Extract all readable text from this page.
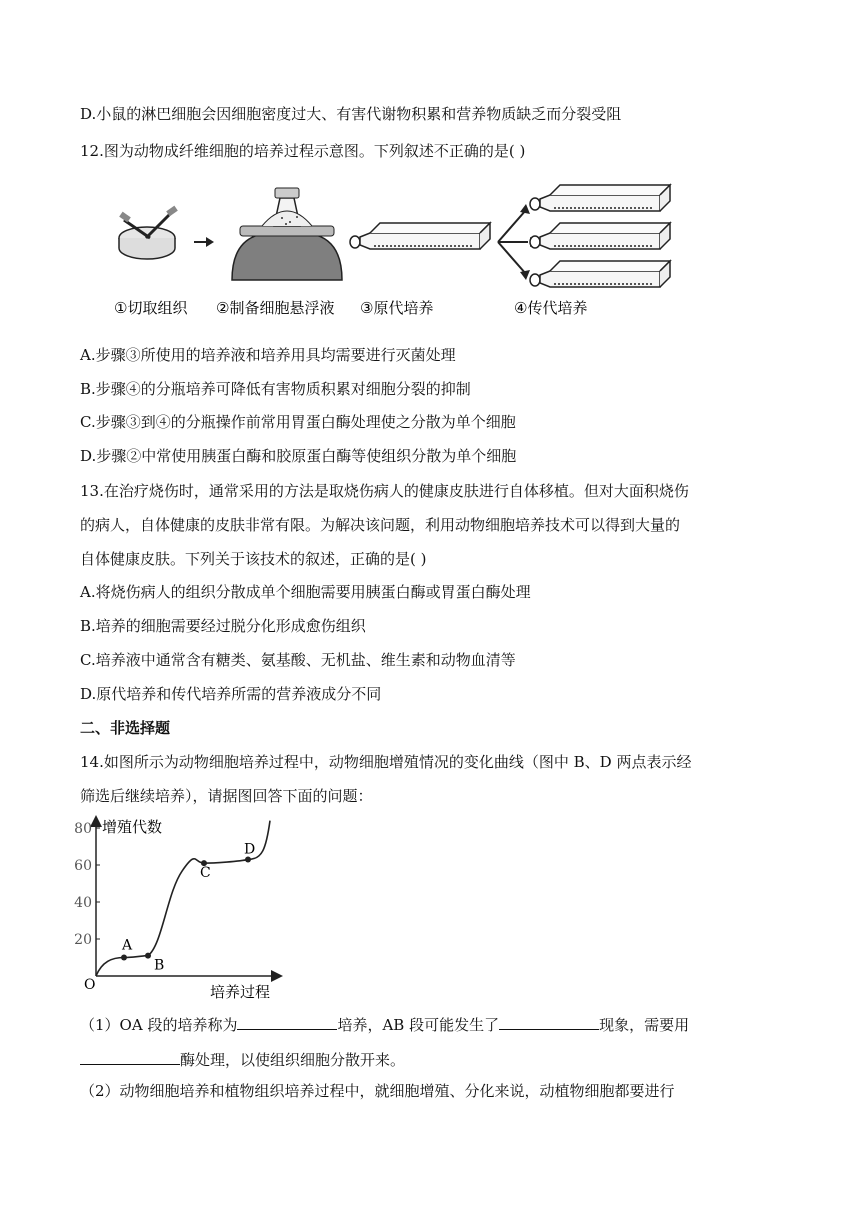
D.小鼠的淋巴细胞会因细胞密度过大、有害代谢物积累和营养物质缺乏而分裂受阻
12.图为动物成纤维细胞的培养过程示意图。下列叙述不正确的是( )
①切取组织 ②制备细胞悬浮液 ③原代培养	④传代培养
A.步骤③所使用的培养液和培养用具均需要进行灭菌处理
B.步骤④的分瓶培养可降低有害物质积累对细胞分裂的抑制
C.步骤③到④的分瓶操作前常用胃蛋白酶处理使之分散为单个细胞
D.步骤②中常使用胰蛋白酶和胶原蛋白酶等使组织分散为单个细胞
13.在治疗烧伤时，通常采用的方法是取烧伤病人的健康皮肤进行自体移植。但对大面积烧伤
的病人，自体健康的皮肤非常有限。为解决该问题，利用动物细胞培养技术可以得到大量的
自体健康皮肤。下列关于该技术的叙述，正确的是( )
A.将烧伤病人的组织分散成单个细胞需要用胰蛋白酶或胃蛋白酶处理
B.培养的细胞需要经过脱分化形成愈伤组织
C.培养液中通常含有糖类、氨基酸、无机盐、维生素和动物血清等
D.原代培养和传代培养所需的营养液成分不同
二、非选择题
14.如图所示为动物细胞培养过程中，动物细胞增殖情况的变化曲线（图中 B、D 两点表示经
筛选后继续培养），请据图回答下面的问题：
增殖代数
培养过程
O
20
40
60
80
A
B
C
D
（1）OA 段的培养称为	培养，AB 段可能发生了	现象，需要用
酶处理，以使组织细胞分散开来。
（2）动物细胞培养和植物组织培养过程中，就细胞增殖、分化来说，动植物细胞都要进行
